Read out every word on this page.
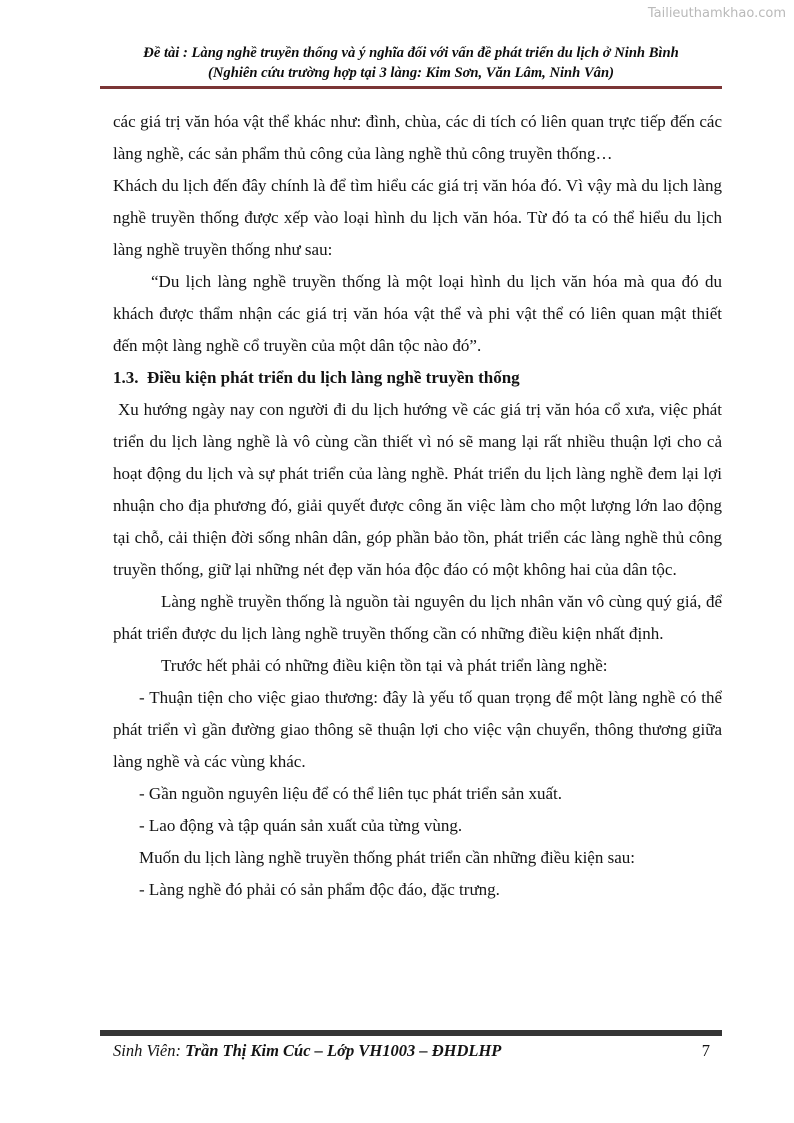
Tailieuthamkhao.com
Đề tài : Làng nghề truyền thống và ý nghĩa đối với vấn đề phát triển du lịch ở Ninh Bình
(Nghiên cứu trường hợp tại 3 làng: Kim Sơn, Văn Lâm, Ninh Vân)

các giá trị văn hóa vật thể khác như: đình, chùa, các di tích có liên quan trực tiếp đến các làng nghề, các sản phẩm thủ công của làng nghề thủ công truyền thống…

Khách du lịch đến đây chính là để tìm hiểu các giá trị văn hóa đó. Vì vậy mà du lịch làng nghề truyền thống được xếp vào loại hình du lịch văn hóa. Từ đó ta có thể hiểu du lịch làng nghề truyền thống như sau:

“Du lịch làng nghề truyền thống là một loại hình du lịch văn hóa mà qua đó du khách được thẩm nhận các giá trị văn hóa vật thể và phi vật thể có liên quan mật thiết đến một làng nghề cổ truyền của một dân tộc nào đó”.

1.3.  Điều kiện phát triển du lịch làng nghề truyền thống

Xu hướng ngày nay con người đi du lịch hướng về các giá trị văn hóa cổ xưa, việc phát triển du lịch làng nghề là vô cùng cần thiết vì nó sẽ mang lại rất nhiều thuận lợi cho cả hoạt động du lịch và sự phát triển của làng nghề. Phát triển du lịch làng nghề đem lại lợi nhuận cho địa phương đó, giải quyết được công ăn việc làm cho một lượng lớn lao động tại chỗ, cải thiện đời sống nhân dân, góp phần bảo tồn, phát triển các làng nghề thủ công truyền thống, giữ lại những nét đẹp văn hóa độc đáo có một không hai của dân tộc.

Làng nghề truyền thống là nguồn tài nguyên du lịch nhân văn vô cùng quý giá, để phát triển được du lịch làng nghề truyền thống cần có những điều kiện nhất định.

Trước hết phải có những điều kiện tồn tại và phát triển làng nghề:

- Thuận tiện cho việc giao thương: đây là yếu tố quan trọng để một làng nghề có thể phát triển vì gần đường giao thông sẽ thuận lợi cho việc vận chuyển, thông thương giữa làng nghề và các vùng khác.

- Gần nguồn nguyên liệu để có thể liên tục phát triển sản xuất.

- Lao động và tập quán sản xuất của từng vùng.

Muốn du lịch làng nghề truyền thống phát triển cần những điều kiện sau:

- Làng nghề đó phải có sản phẩm độc đáo, đặc trưng.

Sinh Viên: Trần Thị Kim Cúc – Lớp VH1003 – ĐHDLHP	7
